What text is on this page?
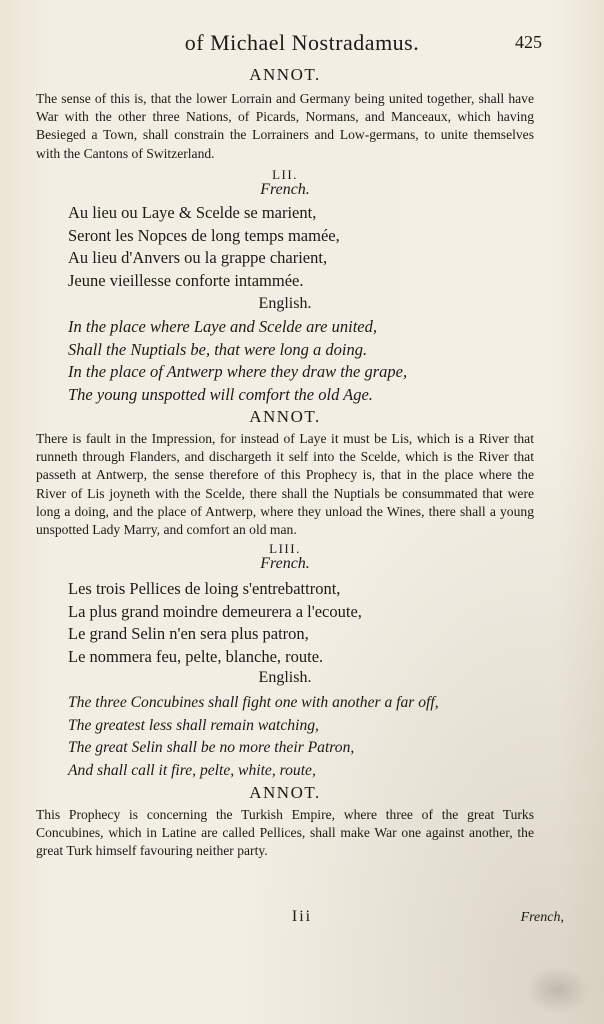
of Michael Nostradamus.	425
ANNOT.

The sense of this is, that the lower Lorrain and Germany being united together, shall have War with the other three Nations, of Picards, Normans, and Manceaux, which having Besieged a Town, shall constrain the Lorrainers and Low-germans, to unite themselves with the Cantons of Switzerland.

LII.
French.

Au lieu ou Laye & Scelde se marient,

Seront les Nopces de long temps mamée,

Au lieu d'Anvers ou la grappe charient,

Jeune vieillesse conforte intammée.

English.

In the place where Laye and Scelde are united,

Shall the Nuptials be, that were long a doing.

In the place of Antwerp where they draw the grape,

The young unspotted will comfort the old Age.

ANNOT.

There is fault in the Impression, for instead of Laye it must be Lis, which is a River that runneth through Flanders, and dischargeth it self into the Scelde, which is the River that passeth at Antwerp, the sense therefore of this Prophecy is, that in the place where the River of Lis joyneth with the Scelde, there shall the Nuptials be consummated that were long a doing, and the place of Antwerp, where they unload the Wines, there shall a young unspotted Lady Marry, and comfort an old man.

LIII.
French.

Les trois Pellices de loing s'entrebattront,

La plus grand moindre demeurera a l'ecoute,

Le grand Selin n'en sera plus patron,

Le nommera feu, pelte, blanche, route.

English.

The three Concubines shall fight one with another a far off,

The greatest less shall remain watching,

The great Selin shall be no more their Patron,

And shall call it fire, pelte, white, route,

ANNOT.

This Prophecy is concerning the Turkish Empire, where three of the great Turks Concubines, which in Latine are called Pellices, shall make War one against another, the great Turk himself favouring neither party.

Iii	French,
